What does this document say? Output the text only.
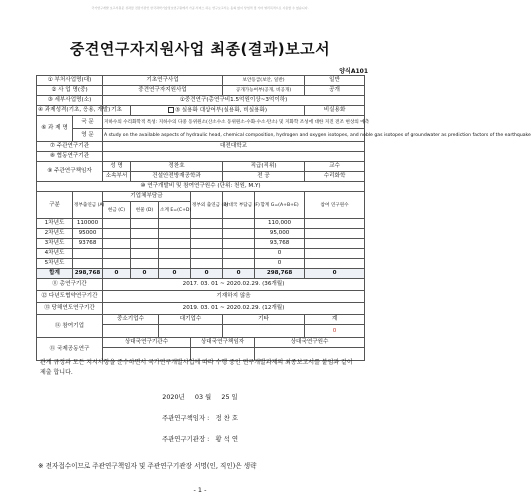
국가연구개발 보고서원문 성과물 전담기관인 한국과학기술정보연구원에서 가공·서비스 하는 연구보고서는 동의 없이 상업적 및 기타 영리목적으로 사용할 수 없습니다.
중견연구자지원사업 최종(결과)보고서
양식A101
① 부처사업명(대)		기초연구사업				보안등급(보안, 일반)		일반
② 사 업 명(중)		중견연구자지원사업				공개가능여부(공개, 비공개)		공개
③ 세부사업명(소)		①중견연구(총연구비1.5억원이상~3억이하)						
④ 과제성격(기초, 응용, 개발)		기초	⑤ 실용화 대상여부(실용화, 비실용화)					비실용화
⑥ 과 제 명	국 문	지하수의 수리화학적 특성: 지하수의 다중 동위원소(산소수소 동위원소·수화·수소·탄소) 및 지화학 조성에 대한 지진 전조 현상의 예측						
	영 문	A study on the available aspects of hydraulic head, chemical composition, hydrogen and oxygen isotopes, and noble gas isotopes of groundwater as prediction factors of the earthquake						
⑦ 주관연구기관		대전대학교						
⑧ 협동연구기관								
⑨ 주관연구책임자		성 명	정찬호			직급(직위)		교수
		소속부서	건설안전방재공학과			전 공		수리화학
⑩ 연구개발비 및 참여연구원수 (단위: 천원, M.Y)								
구분	정부출연금 (A)	기업체부담금			정부외 출연금 (B)	상대국 부담금 (F)	합계 G=(A+B+E)	참여 연구원수
		현금 (C)	현물 (D)	소계 E=(C+D)				
1차년도	110000						110,000	
2차년도	95000						95,000	
3차년도	93768						93,768	
4차년도							0	
5차년도							0	
합계	298,768	0	0	0	0	0	298,768	0
⑪ 총연구기간		2017. 03. 01 ~ 2020.02.29. (36개월)						
⑫ 다년도협약연구기간		기재하지 않음						
⑬ 당해연도연구기간		2019. 03. 01 ~ 2020.02.29. (12개월)						
⑭ 참여기업		중소기업수		대기업수		기타		계
								0
⑮ 국제공동연구		상대국연구기관수			상대국연구책임자		상대국연구원수	

관계 규정과 모든 지시사항을 준수하면서 국가연구개발사업에 따라 수행 중인 연구개발과제의 최종보고서를 붙임과 같이 제출 합니다.
2020년 03 월 25 일
주관연구책임자 : 정 찬 호
주관연구기관장 : 황 석 연
※ 전자접수이므로 주관연구책임자 및 주관연구기관장 서명(인, 직인)은 생략
- 1 -
